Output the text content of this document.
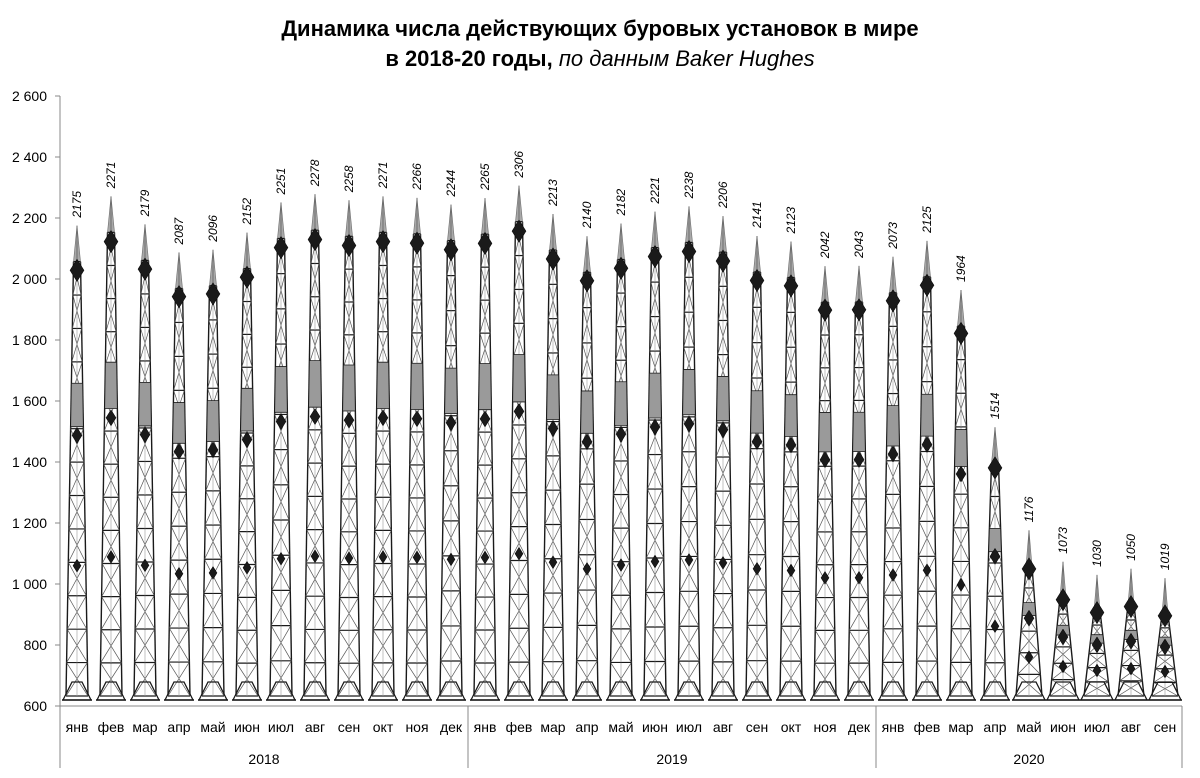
Динамика числа действующих буровых установок в мире
в 2018-20 годы, по данным Baker Hughes
600
800
1 000
1 200
1 400
1 600
1 800
2 000
2 200
2 400
2 600
2175
янв
2271
фев
2179
мар
2087
апр
2096
май
2152
июн
2251
июл
2278
авг
2258
сен
2271
окт
2266
ноя
2244
дек
2018
2265
янв
2306
фев
2213
мар
2140
апр
2182
май
2221
июн
2238
июл
2206
авг
2141
сен
2123
окт
2042
ноя
2043
дек
2019
2073
янв
2125
фев
1964
мар
1514
апр
1176
май
1073
июн
1030
июл
1050
авг
1019
сен
2020
